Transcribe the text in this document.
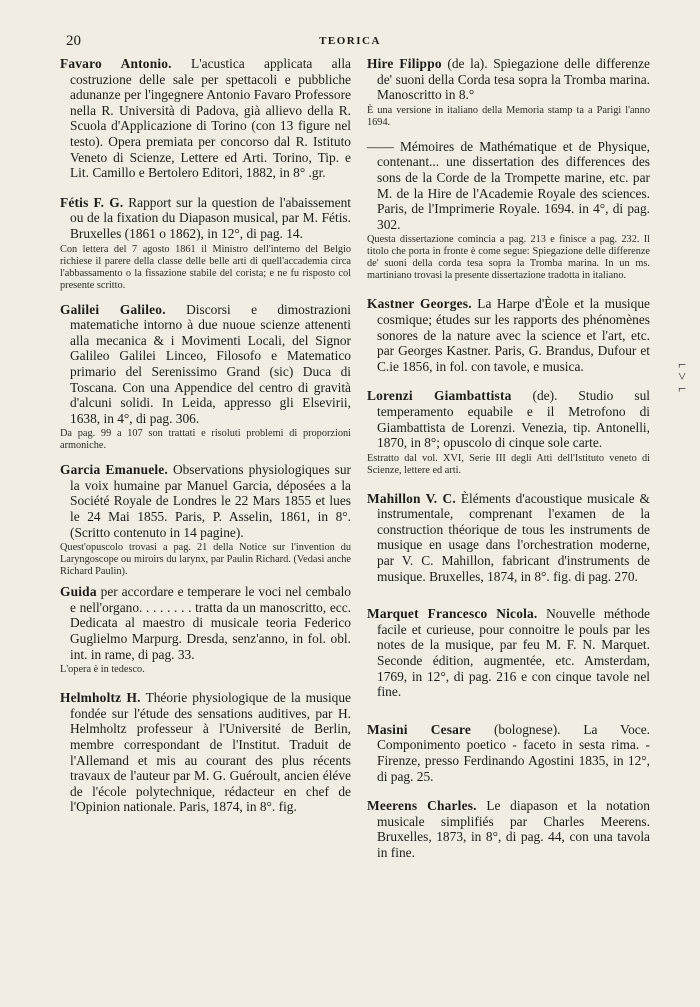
20	TEORICA

Favaro Antonio. L'acustica applicata alla costruzione delle sale per spettacoli e pubbliche adunanze per l'ingegnere Antonio Favaro Professore nella R. Università di Padova, già allievo della R. Scuola d'Applicazione di Torino (con 13 figure nel testo). Opera premiata per concorso dal R. Istituto Veneto di Scienze, Lettere ed Arti. Torino, Tip. e Lit. Camillo e Bertolero Editori, 1882, in 8° .gr.

Fétis F. G. Rapport sur la question de l'abaissement ou de la fixation du Diapason musical, par M. Fétis. Bruxelles (1861 o 1862), in 12°, di pag. 14.

Con lettera del 7 agosto 1861 il Ministro dell'interno del Belgio richiese il parere della classe delle belle arti di quell'accademia circa l'abbassamento o la fissazione stabile del corista; e ne fu risposto col presente scritto.

Galilei Galileo. Discorsi e dimostrazioni matematiche intorno à due nuoue scienze attenenti alla mecanica & i Movimenti Locali, del Signor Galileo Galilei Linceo, Filosofo e Matematico primario del Serenissimo Grand (sic) Duca di Toscana. Con una Appendice del centro di gravità d'alcuni solidi. In Leida, appresso gli Elsevirii, 1638, in 4°, di pag. 306.

Da pag. 99 a 107 son trattati e risoluti problemi di proporzioni armoniche.

Garcia Emanuele. Observations physiologiques sur la voix humaine par Manuel Garcia, déposées a la Société Royale de Londres le 22 Mars 1855 et lues le 24 Mai 1855. Paris, P. Asselin, 1861, in 8°. (Scritto contenuto in 14 pagine).

Quest'opuscolo trovasi a pag. 21 della Notice sur l'invention du Laryngoscope ou miroirs du larynx, par Paulin Richard. (Vedasi anche Richard Paulin).

Guida per accordare e temperare le voci nel cembalo e nell'organo. . . . . . . . tratta da un manoscritto, ecc. Dedicata al maestro di musicale teoria Federico Guglielmo Marpurg. Dresda, senz'anno, in fol. obl. int. in rame, di pag. 33.

L'opera è in tedesco.

Helmholtz H. Théorie physiologique de la musique fondée sur l'étude des sensations auditives, par H. Helmholtz professeur à l'Université de Berlin, membre correspondant de l'Institut. Traduit de l'Allemand et mis au courant des plus récents travaux de l'auteur par M. G. Guéroult, ancien éléve de l'école polytechnique, rédacteur en chef de l'Opinion nationale. Paris, 1874, in 8°. fig.

Hire Filippo (de la). Spiegazione delle differenze de' suoni della Corda tesa sopra la Tromba marina. Manoscritto in 8.°

È una versione in italiano della Memoria stamp ta a Parigi l'anno 1694.

—— Mémoires de Mathématique et de Physique, contenant... une dissertation des differences des sons de la Corde de la Trompette marine, etc. par M. de la Hire de l'Academie Royale des sciences. Paris, de l'Imprimerie Royale. 1694. in 4°, di pag. 302.

Questa dissertazione comincia a pag. 213 e finisce a pag. 232. Il titolo che porta in fronte è come segue: Spiegazione delle differenze de' suoni della corda tesa sopra la Tromba marina. In un ms. martiniano trovasi la presente dissertazione tradotta in italiano.

Kastner Georges. La Harpe d'Èole et la musique cosmique; études sur les rapports des phénomènes sonores de la nature avec la science et l'art, etc. par Georges Kastner. Paris, G. Brandus, Dufour et C.ie 1856, in fol. con tavole, e musica.

Lorenzi Giambattista (de). Studio sul temperamento equabile e il Metrofono di Giambattista de Lorenzi. Venezia, tip. Antonelli, 1870, in 8°; opuscolo di cinque sole carte.

Estratto dal vol. XVI, Serie III degli Atti dell'Istituto veneto di Scienze, lettere ed arti.

Mahillon V. C. Èléments d'acoustique musicale & instrumentale, comprenant l'examen de la construction théorique de tous les instruments de musique en usage dans l'orchestration moderne, par V. C. Mahillon, fabricant d'instruments de musique. Bruxelles, 1874, in 8°. fig. di pag. 270.

Marquet Francesco Nicola. Nouvelle méthode facile et curieuse, pour connoitre le pouls par les notes de la musique, par feu M. F. N. Marquet. Seconde édition, augmentée, etc. Amsterdam, 1769, in 12°, di pag. 216 e con cinque tavole nel fine.

Masini Cesare (bolognese). La Voce. Componimento poetico - faceto in sesta rima. - Firenze, presso Ferdinando Agostini 1835, in 12°, di pag. 25.

Meerens Charles. Le diapason et la notation musicale simplifiés par Charles Meerens. Bruxelles, 1873, in 8°, di pag. 44, con una tavola in fine.

⌐
˅
⌐
